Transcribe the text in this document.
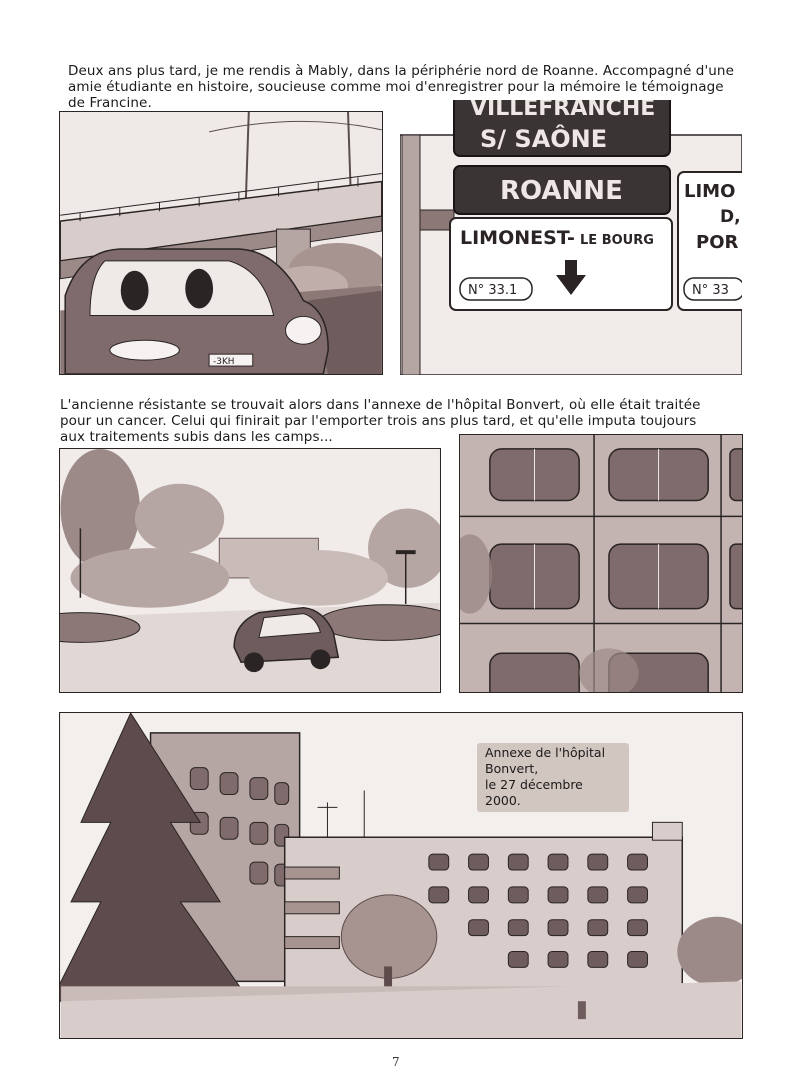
Deux ans plus tard, je me rendis à Mably, dans la périphérie nord de Roanne. Accompagné d'une
amie étudiante en histoire, soucieuse comme moi d'enregistrer pour la mémoire le témoignage
de Francine.
-3KH
VILLEFRANCHE
S/ SAÔNE
ROANNE
LIMONEST- LE BOURG
N° 33.1
LIMO
D,
POR
N° 33
L'ancienne résistante se trouvait alors dans l'annexe de l'hôpital Bonvert, où elle était traitée
pour un cancer. Celui qui finirait par l'emporter trois ans plus tard, et qu'elle imputa toujours
aux traitements subis dans les camps...
Annexe de l'hôpital Bonvert,
le 27 décembre 2000.
7
